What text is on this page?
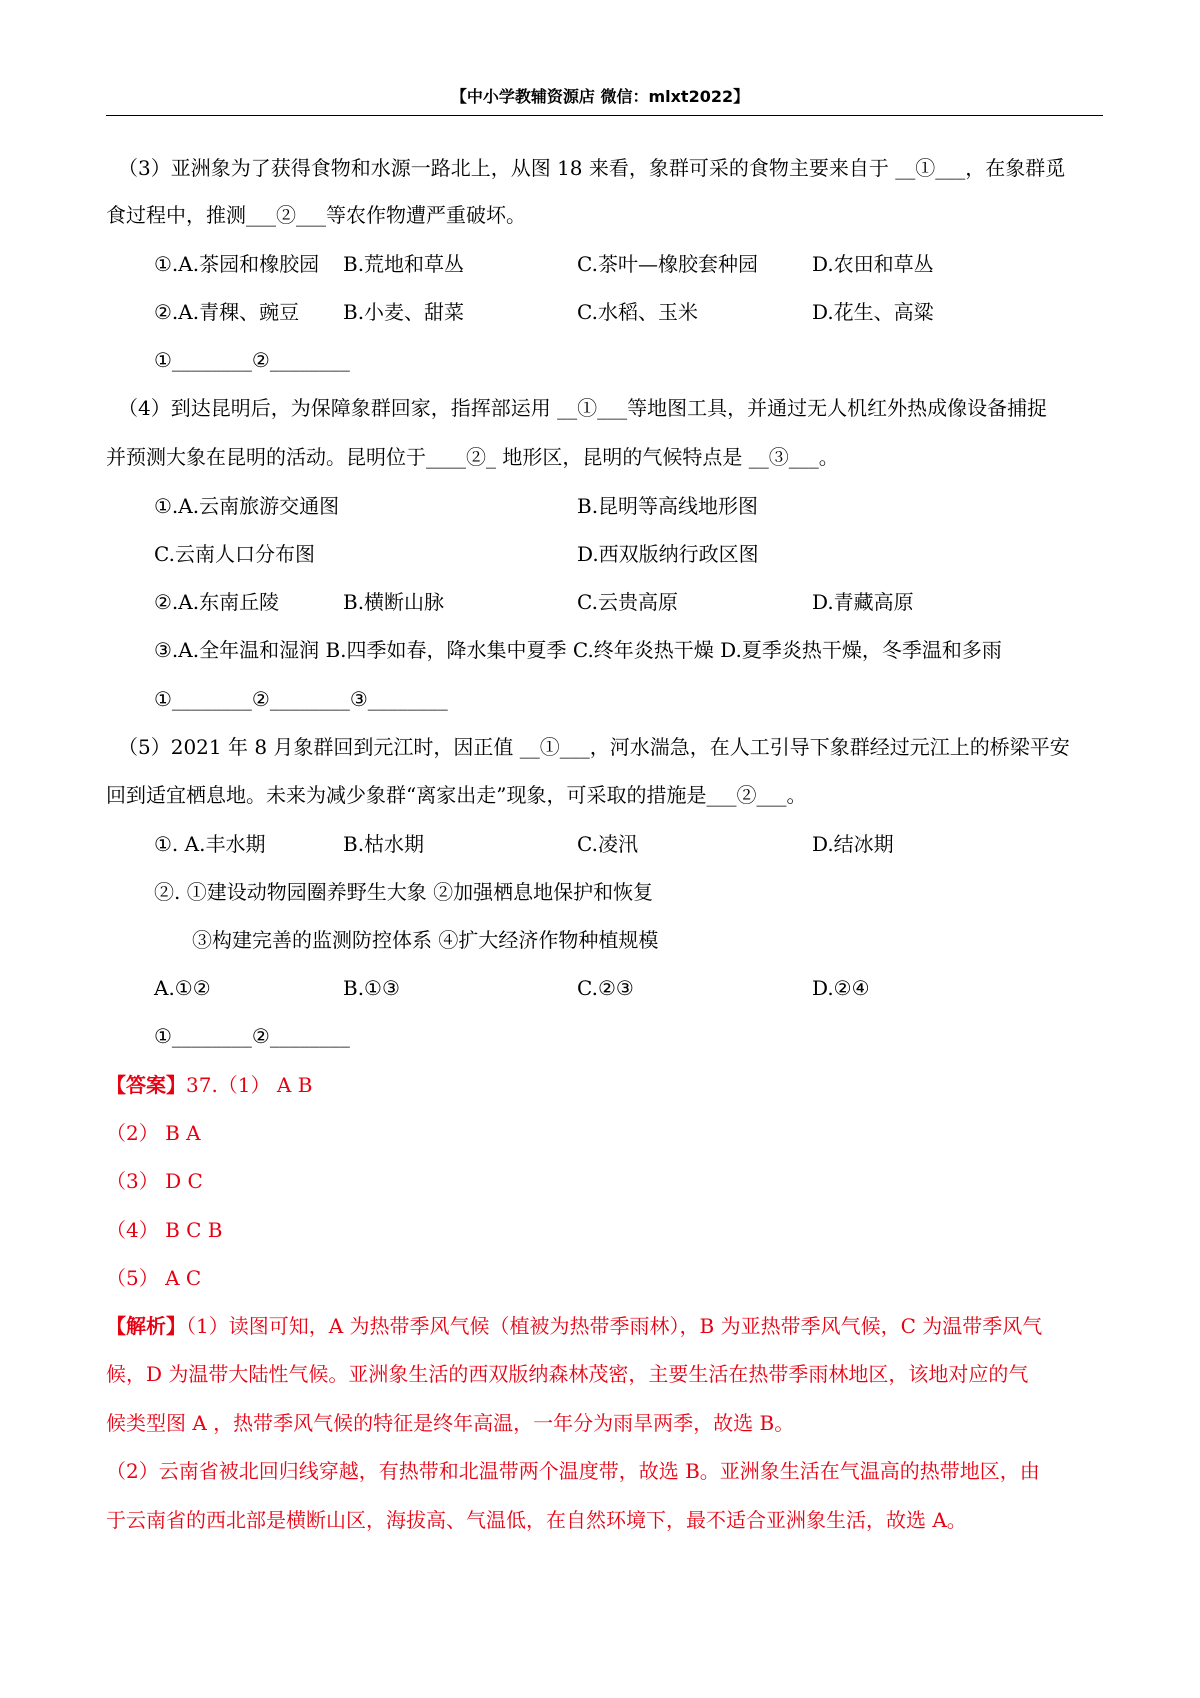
【中小学教辅资源店 微信：mlxt2022】
（3）亚洲象为了获得食物和水源一路北上，从图 18 来看，象群可采的食物主要来自于 __①___，在象群觅
食过程中，推测___②___等农作物遭严重破坏。
①.A.茶园和橡胶园 B.荒地和草丛	C.茶叶—橡胶套种园	D.农田和草丛
②.A.青稞、豌豆 B.小麦、甜菜	C.水稻、玉米	D.花生、高粱
①________②________
（4）到达昆明后，为保障象群回家，指挥部运用 __①___等地图工具，并通过无人机红外热成像设备捕捉
并预测大象在昆明的活动。昆明位于____②_ 地形区，昆明的气候特点是 __③___。
①.A.云南旅游交通图	B.昆明等高线地形图
C.云南人口分布图	D.西双版纳行政区图
②.A.东南丘陵	B.横断山脉	C.云贵高原	D.青藏高原
③.A.全年温和湿润 B.四季如春，降水集中夏季 C.终年炎热干燥 D.夏季炎热干燥，冬季温和多雨
①________②________③________
（5）2021 年 8 月象群回到元江时，因正值 __①___，河水湍急，在人工引导下象群经过元江上的桥梁平安
回到适宜栖息地。未来为减少象群“离家出走”现象，可采取的措施是___②___。
①. A.丰水期	B.枯水期	C.凌汛	D.结冰期
②. ①建设动物园圈养野生大象 ②加强栖息地保护和恢复
③构建完善的监测防控体系 ④扩大经济作物种植规模
A.①②	B.①③	C.②③	D.②④
①________②________
【答案】37.（1） A B
（2） B A
（3） D C
（4） B C B
（5） A C
【解析】（1）读图可知，A 为热带季风气候（植被为热带季雨林），B 为亚热带季风气候，C 为温带季风气
候，D 为温带大陆性气候。亚洲象生活的西双版纳森林茂密，主要生活在热带季雨林地区，该地对应的气
候类型图 A ，热带季风气候的特征是终年高温，一年分为雨旱两季，故选 B。
（2）云南省被北回归线穿越，有热带和北温带两个温度带，故选 B。亚洲象生活在气温高的热带地区，由
于云南省的西北部是横断山区，海拔高、气温低，在自然环境下，最不适合亚洲象生活，故选 A。
